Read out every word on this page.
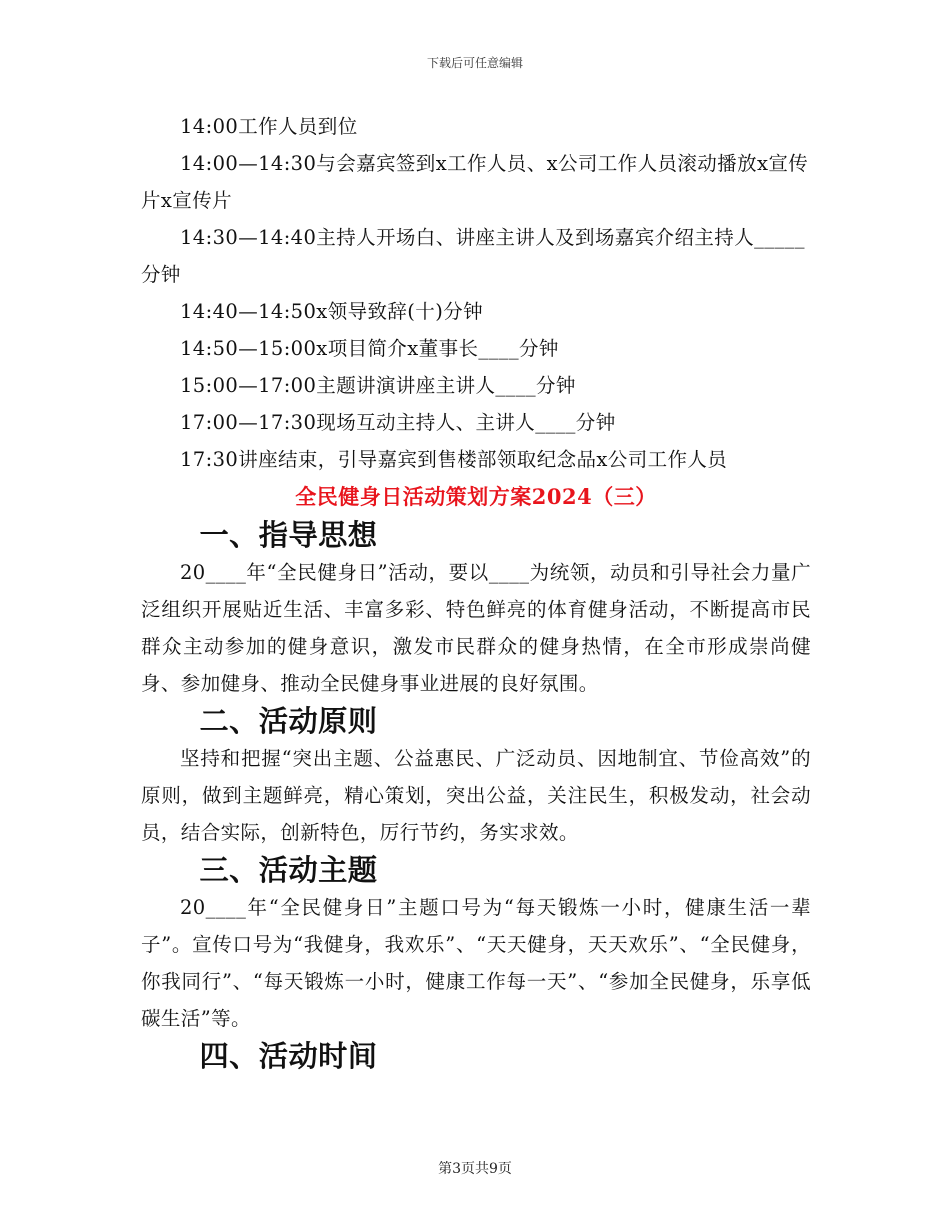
下载后可任意编辑

14:00工作人员到位

14:00—14:30与会嘉宾签到x工作人员、x公司工作人员滚动播放x宣传片x宣传片

14:30—14:40主持人开场白、讲座主讲人及到场嘉宾介绍主持人_____分钟

14:40—14:50x领导致辞(十)分钟

14:50—15:00x项目简介x董事长____分钟

15:00—17:00主题讲演讲座主讲人____分钟

17:00—17:30现场互动主持人、主讲人____分钟

17:30讲座结束，引导嘉宾到售楼部领取纪念品x公司工作人员

全民健身日活动策划方案2024（三）
一、指导思想

20____年“全民健身日”活动，要以____为统领，动员和引导社会力量广泛组织开展贴近生活、丰富多彩、特色鲜亮的体育健身活动，不断提高市民群众主动参加的健身意识，激发市民群众的健身热情，在全市形成崇尚健身、参加健身、推动全民健身事业进展的良好氛围。

二、活动原则

坚持和把握“突出主题、公益惠民、广泛动员、因地制宜、节俭高效”的原则，做到主题鲜亮，精心策划，突出公益，关注民生，积极发动，社会动员，结合实际，创新特色，厉行节约，务实求效。

三、活动主题

20____年“全民健身日”主题口号为“每天锻炼一小时，健康生活一辈子”。宣传口号为“我健身，我欢乐”、“天天健身，天天欢乐”、“全民健身，你我同行”、“每天锻炼一小时，健康工作每一天”、“参加全民健身，乐享低碳生活”等。

四、活动时间
第3页共9页
